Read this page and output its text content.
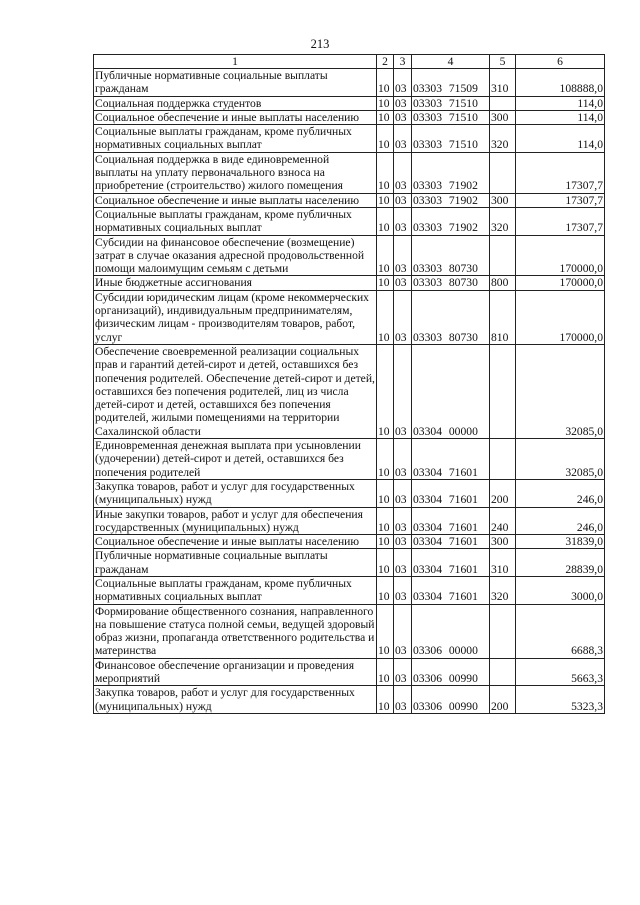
213
1	2	3	4	5	6
Публичные нормативные социальные выплаты гражданам	10	03	03303 71509	310	108888,0
Социальная поддержка студентов	10	03	03303 71510		114,0
Социальное обеспечение и иные выплаты населению	10	03	03303 71510	300	114,0
Социальные выплаты гражданам, кроме публичных нормативных социальных выплат	10	03	03303 71510	320	114,0
Социальная поддержка в виде единовременной выплаты на уплату первоначального взноса на приобретение (строительство) жилого помещения	10	03	03303 71902		17307,7
Социальное обеспечение и иные выплаты населению	10	03	03303 71902	300	17307,7
Социальные выплаты гражданам, кроме публичных нормативных социальных выплат	10	03	03303 71902	320	17307,7
Субсидии на финансовое обеспечение (возмещение) затрат в случае оказания адресной продовольственной помощи малоимущим семьям с детьми	10	03	03303 80730		170000,0
Иные бюджетные ассигнования	10	03	03303 80730	800	170000,0
Субсидии юридическим лицам (кроме некоммерческих организаций), индивидуальным предпринимателям, физическим лицам - производителям товаров, работ, услуг	10	03	03303 80730	810	170000,0
Обеспечение своевременной реализации социальных прав и гарантий детей-сирот и детей, оставшихся без попечения родителей. Обеспечение детей-сирот и детей, оставшихся без попечения родителей, лиц из числа детей-сирот и детей, оставшихся без попечения родителей, жилыми помещениями на территории Сахалинской области	10	03	03304 00000		32085,0
Единовременная денежная выплата при усыновлении (удочерении) детей-сирот и детей, оставшихся без попечения родителей	10	03	03304 71601		32085,0
Закупка товаров, работ и услуг для государственных (муниципальных) нужд	10	03	03304 71601	200	246,0
Иные закупки товаров, работ и услуг для обеспечения государственных (муниципальных) нужд	10	03	03304 71601	240	246,0
Социальное обеспечение и иные выплаты населению	10	03	03304 71601	300	31839,0
Публичные нормативные социальные выплаты гражданам	10	03	03304 71601	310	28839,0
Социальные выплаты гражданам, кроме публичных нормативных социальных выплат	10	03	03304 71601	320	3000,0
Формирование общественного сознания, направленного на повышение статуса полной семьи, ведущей здоровый образ жизни, пропаганда ответственного родительства и материнства	10	03	03306 00000		6688,3
Финансовое обеспечение организации и проведения мероприятий	10	03	03306 00990		5663,3
Закупка товаров, работ и услуг для государственных (муниципальных) нужд	10	03	03306 00990	200	5323,3
